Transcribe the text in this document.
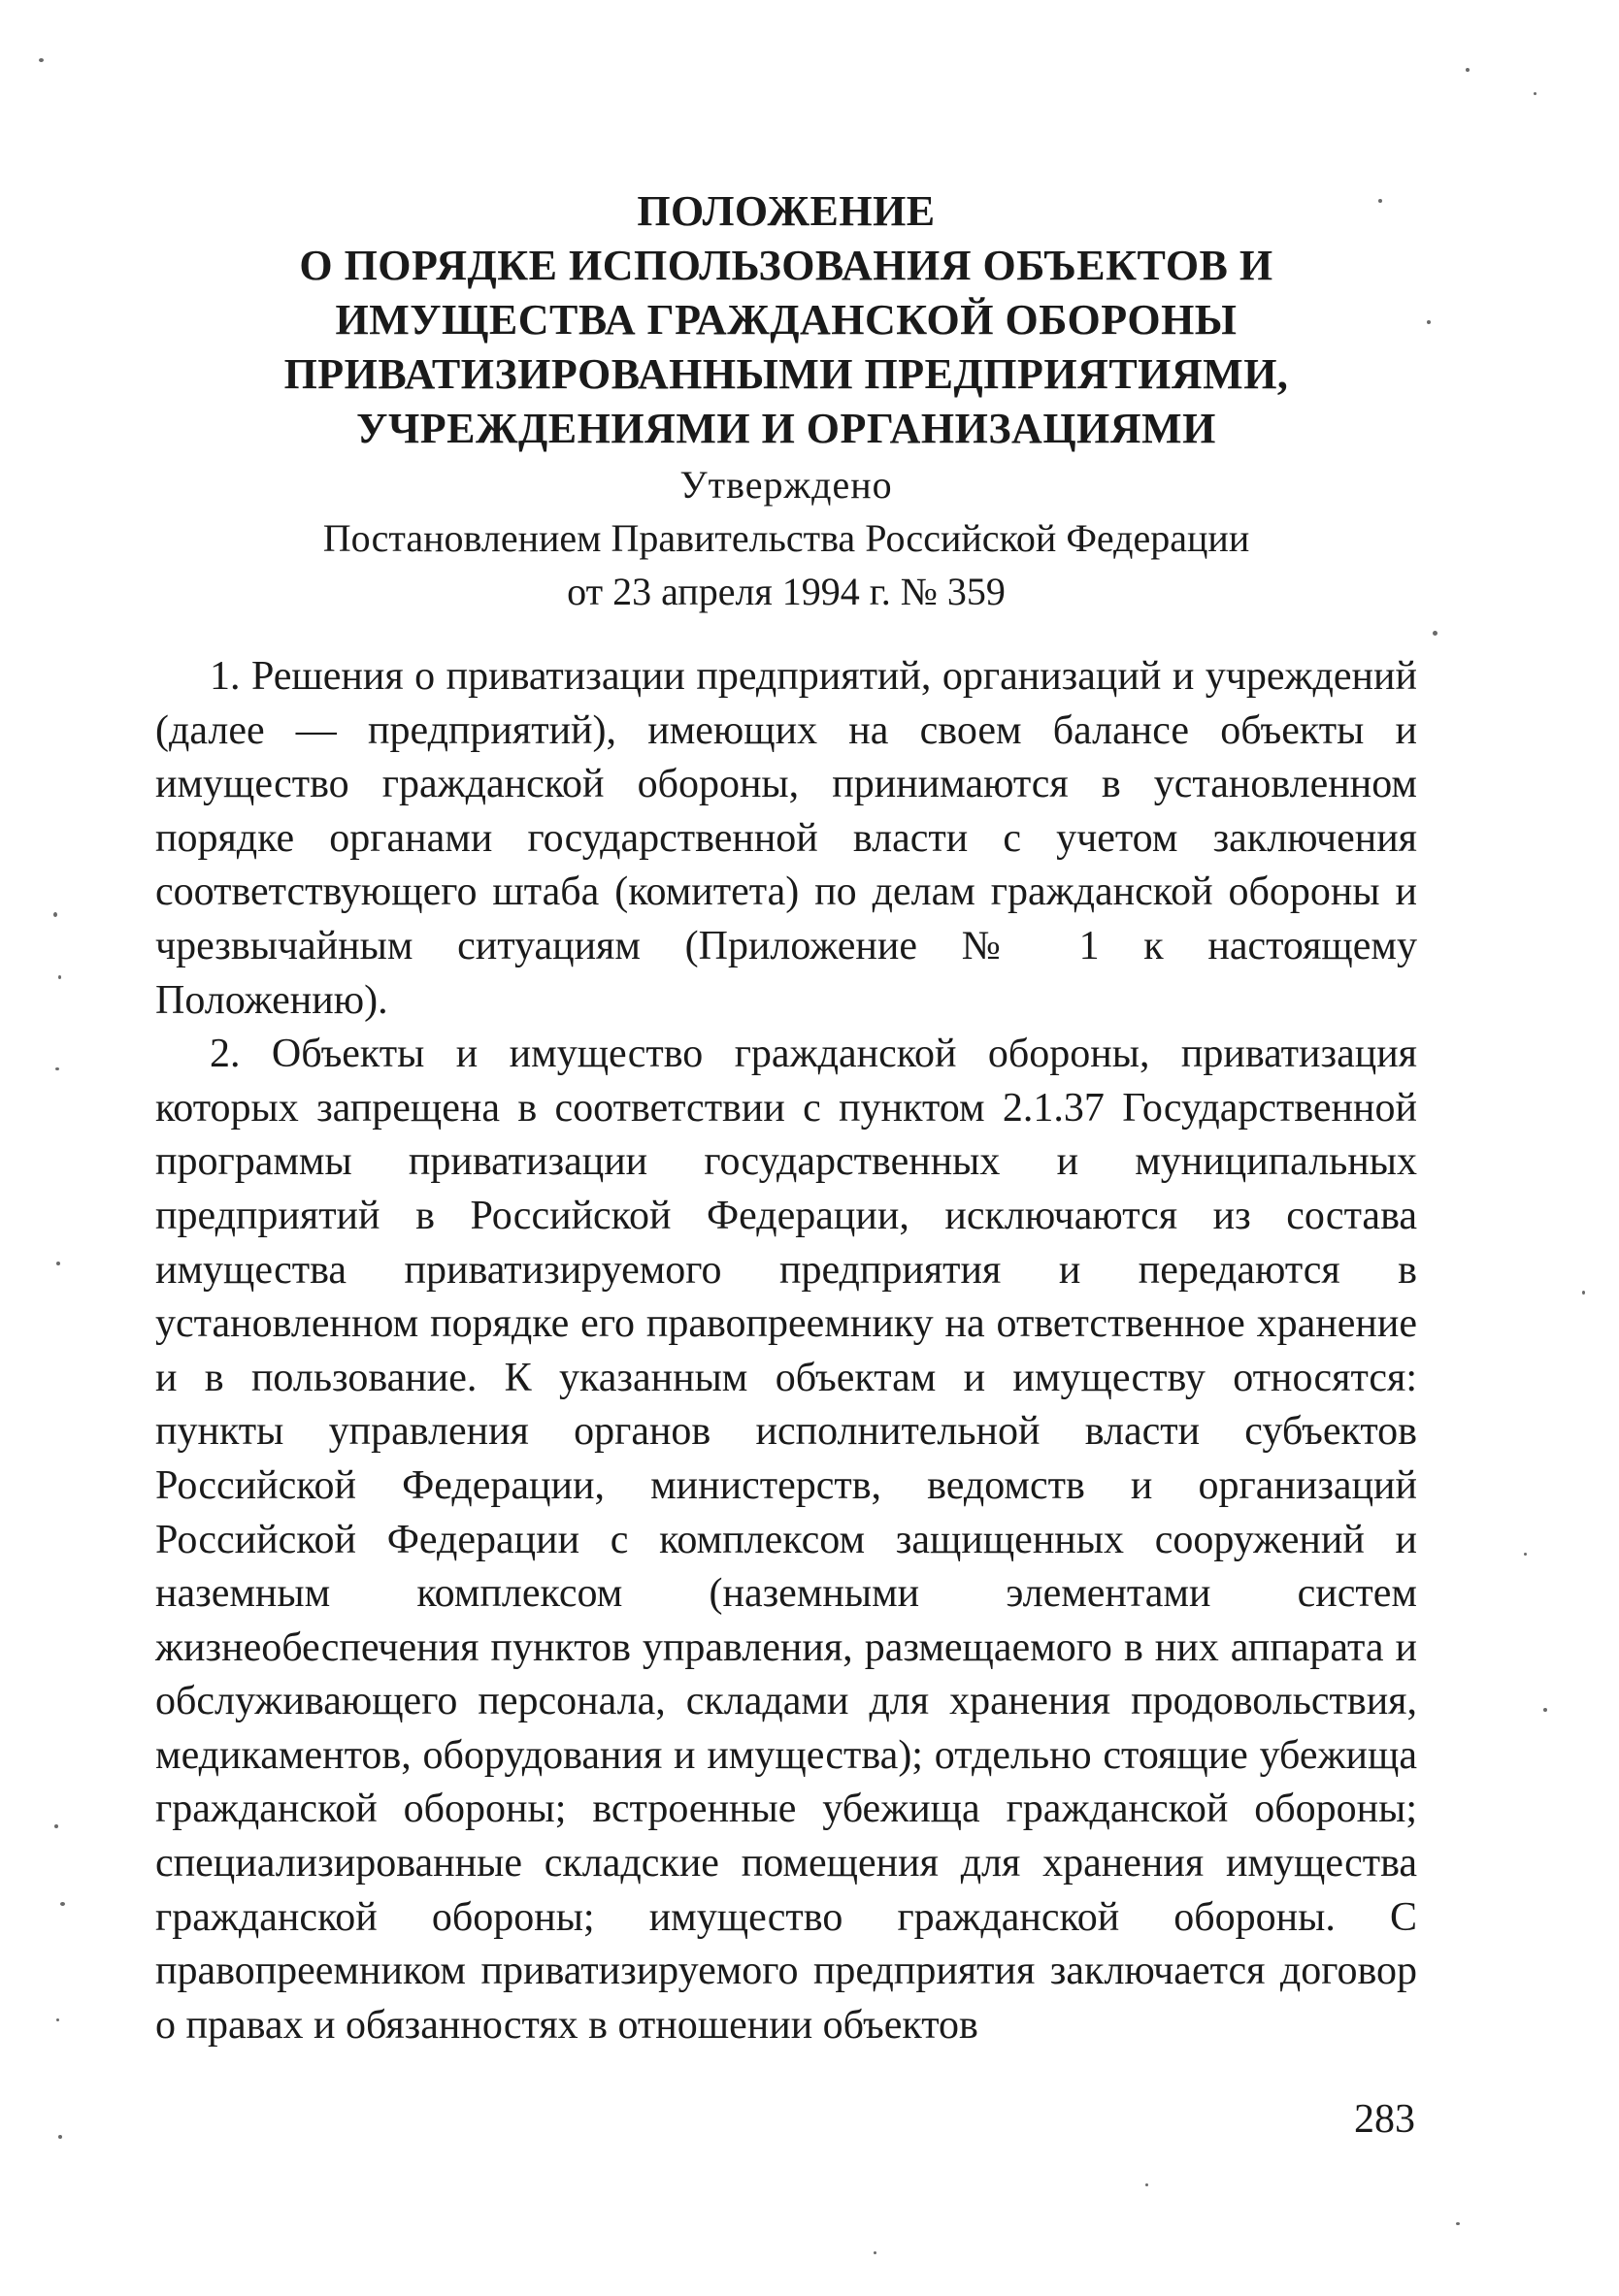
ПОЛОЖЕНИЕ
О ПОРЯДКЕ ИСПОЛЬЗОВАНИЯ ОБЪЕКТОВ И
ИМУЩЕСТВА ГРАЖДАНСКОЙ ОБОРОНЫ
ПРИВАТИЗИРОВАННЫМИ ПРЕДПРИЯТИЯМИ,
УЧРЕЖДЕНИЯМИ И ОРГАНИЗАЦИЯМИ
Утверждено
Постановлением Правительства Российской Федерации
от 23 апреля 1994 г. № 359

1. Решения о приватизации предприятий, организаций и учреждений (далее — предприятий), имеющих на своем балансе объекты и имущество гражданской обороны, принимаются в установленном порядке органами государственной власти с учетом заключения соответствующего штаба (комитета) по делам гражданской обороны и чрезвычайным ситуациям (Приложение № 1 к настоящему Положению).

2. Объекты и имущество гражданской обороны, приватизация которых запрещена в соответствии с пунктом 2.1.37 Государственной программы приватизации государственных и муниципальных предприятий в Российской Федерации, исключаются из состава имущества приватизируемого предприятия и передаются в установленном порядке его правопреемнику на ответственное хранение и в пользование. К указанным объектам и имуществу относятся: пункты управления органов исполнительной власти субъектов Российской Федерации, министерств, ведомств и организаций Российской Федерации с комплексом защищенных сооружений и наземным комплексом (наземными элементами систем жизнеобеспечения пунктов управления, размещаемого в них аппарата и обслуживающего персонала, складами для хранения продовольствия, медикаментов, оборудования и имущества); отдельно стоящие убежища гражданской обороны; встроенные убежища гражданской обороны; специализированные складские помещения для хранения имущества гражданской обороны; имущество гражданской обороны. С правопреемником приватизируемого предприятия заключается договор о правах и обязанностях в отношении объектов

283
